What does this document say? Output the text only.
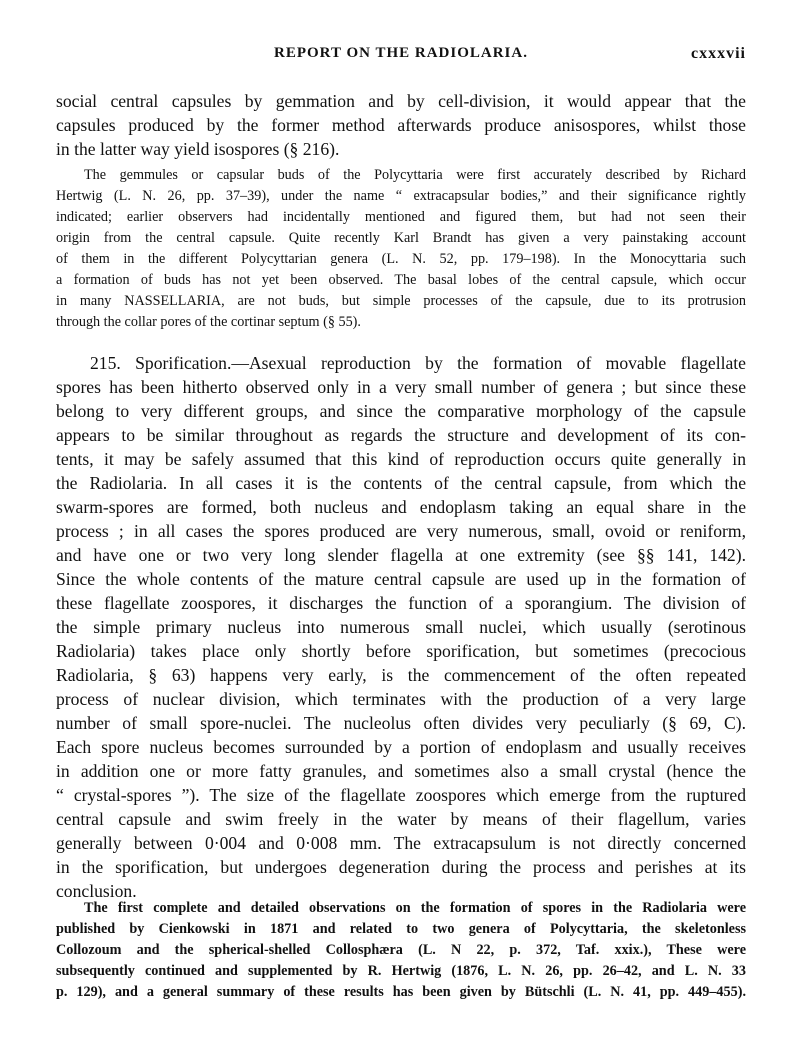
REPORT ON THE RADIOLARIA.	cxxxvii
social central capsules by gemmation and by cell-division, it would appear that the
capsules produced by the former method afterwards produce anisospores, whilst those
in the latter way yield isospores (§ 216).
The gemmules or capsular buds of the Polycyttaria were first accurately described by Richard
Hertwig (L. N. 26, pp. 37–39), under the name “ extracapsular bodies,” and their significance rightly
indicated; earlier observers had incidentally mentioned and figured them, but had not seen their
origin from the central capsule. Quite recently Karl Brandt has given a very painstaking account
of them in the different Polycyttarian genera (L. N. 52, pp. 179–198). In the Monocyttaria such
a formation of buds has not yet been observed. The basal lobes of the central capsule, which occur
in many NASSELLARIA, are not buds, but simple processes of the capsule, due to its protrusion
through the collar pores of the cortinar septum (§ 55).
215. Sporification.—Asexual reproduction by the formation of movable flagellate
spores has been hitherto observed only in a very small number of genera ; but since these
belong to very different groups, and since the comparative morphology of the capsule
appears to be similar throughout as regards the structure and development of its con-
tents, it may be safely assumed that this kind of reproduction occurs quite generally in
the Radiolaria. In all cases it is the contents of the central capsule, from which the
swarm-spores are formed, both nucleus and endoplasm taking an equal share in the
process ; in all cases the spores produced are very numerous, small, ovoid or reniform,
and have one or two very long slender flagella at one extremity (see §§ 141, 142).
Since the whole contents of the mature central capsule are used up in the formation of
these flagellate zoospores, it discharges the function of a sporangium. The division of
the simple primary nucleus into numerous small nuclei, which usually (serotinous
Radiolaria) takes place only shortly before sporification, but sometimes (precocious
Radiolaria, § 63) happens very early, is the commencement of the often repeated
process of nuclear division, which terminates with the production of a very large
number of small spore-nuclei. The nucleolus often divides very peculiarly (§ 69, C).
Each spore nucleus becomes surrounded by a portion of endoplasm and usually receives
in addition one or more fatty granules, and sometimes also a small crystal (hence the
“ crystal-spores ”). The size of the flagellate zoospores which emerge from the ruptured
central capsule and swim freely in the water by means of their flagellum, varies
generally between 0·004 and 0·008 mm. The extracapsulum is not directly concerned
in the sporification, but undergoes degeneration during the process and perishes at its
conclusion.
The first complete and detailed observations on the formation of spores in the Radiolaria were
published by Cienkowski in 1871 and related to two genera of Polycyttaria, the skeletonless
Collozoum and the spherical-shelled Collosphæra (L. N 22, p. 372, Taf. xxix.), These were
subsequently continued and supplemented by R. Hertwig (1876, L. N. 26, pp. 26–42, and L. N. 33
p. 129), and a general summary of these results has been given by Bütschli (L. N. 41, pp. 449–455).
